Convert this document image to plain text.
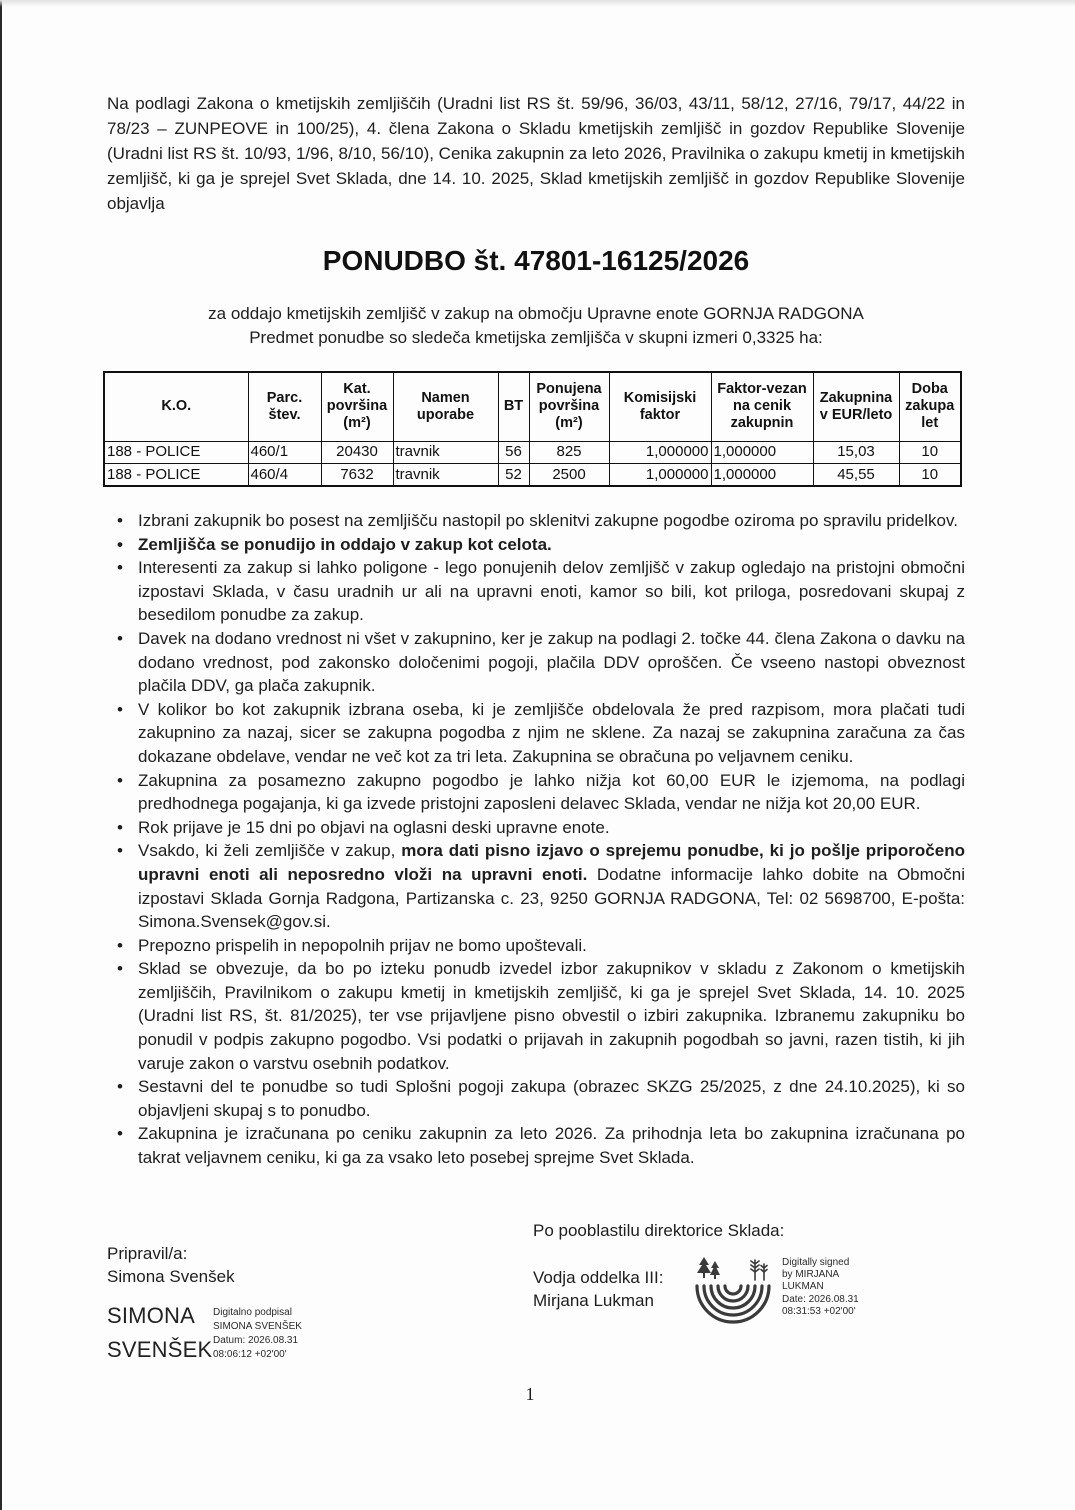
Na podlagi Zakona o kmetijskih zemljiščih (Uradni list RS št. 59/96, 36/03, 43/11, 58/12, 27/16, 79/17, 44/22 in 78/23 – ZUNPEOVE in 100/25), 4. člena Zakona o Skladu kmetijskih zemljišč in gozdov Republike Slovenije (Uradni list RS št. 10/93, 1/96, 8/10, 56/10), Cenika zakupnin za leto 2026, Pravilnika o zakupu kmetij in kmetijskih zemljišč, ki ga je sprejel Svet Sklada, dne 14. 10. 2025, Sklad kmetijskih zemljišč in gozdov Republike Slovenije objavlja

PONUDBO št. 47801-16125/2026
za oddajo kmetijskih zemljišč v zakup na območju Upravne enote GORNJA RADGONA
Predmet ponudbe so sledeča kmetijska zemljišča v skupni izmeri 0,3325 ha:
K.O.	Parc. štev.	Kat. površina (m²)	Namen uporabe	BT	Ponujena površina (m²)	Komisijski faktor	Faktor-vezan na cenik zakupnin	Zakupnina v EUR/leto	Doba zakupa let
188 - POLICE	460/1	20430	travnik	56	825	1,000000	1,000000	15,03	10
188 - POLICE	460/4	7632	travnik	52	2500	1,000000	1,000000	45,55	10
• Izbrani zakupnik bo posest na zemljišču nastopil po sklenitvi zakupne pogodbe oziroma po spravilu pridelkov.
• Zemljišča se ponudijo in oddajo v zakup kot celota.
• Interesenti za zakup si lahko poligone - lego ponujenih delov zemljišč v zakup ogledajo na pristojni območni izpostavi Sklada, v času uradnih ur ali na upravni enoti, kamor so bili, kot priloga, posredovani skupaj z besedilom ponudbe za zakup.
• Davek na dodano vrednost ni všet v zakupnino, ker je zakup na podlagi 2. točke 44. člena Zakona o davku na dodano vrednost, pod zakonsko določenimi pogoji, plačila DDV oproščen. Če vseeno nastopi obveznost plačila DDV, ga plača zakupnik.
• V kolikor bo kot zakupnik izbrana oseba, ki je zemljišče obdelovala že pred razpisom, mora plačati tudi zakupnino za nazaj, sicer se zakupna pogodba z njim ne sklene. Za nazaj se zakupnina zaračuna za čas dokazane obdelave, vendar ne več kot za tri leta. Zakupnina se obračuna po veljavnem ceniku.
• Zakupnina za posamezno zakupno pogodbo je lahko nižja kot 60,00 EUR le izjemoma, na podlagi predhodnega pogajanja, ki ga izvede pristojni zaposleni delavec Sklada, vendar ne nižja kot 20,00 EUR.
• Rok prijave je 15 dni po objavi na oglasni deski upravne enote.
• Vsakdo, ki želi zemljišče v zakup, mora dati pisno izjavo o sprejemu ponudbe, ki jo pošlje priporočeno upravni enoti ali neposredno vloži na upravni enoti. Dodatne informacije lahko dobite na Območni izpostavi Sklada Gornja Radgona, Partizanska c. 23, 9250 GORNJA RADGONA, Tel: 02 5698700, E-pošta: Simona.Svensek@gov.si.
• Prepozno prispelih in nepopolnih prijav ne bomo upoštevali.
• Sklad se obvezuje, da bo po izteku ponudb izvedel izbor zakupnikov v skladu z Zakonom o kmetijskih zemljiščih, Pravilnikom o zakupu kmetij in kmetijskih zemljišč, ki ga je sprejel Svet Sklada, 14. 10. 2025 (Uradni list RS, št. 81/2025), ter vse prijavljene pisno obvestil o izbiri zakupnika. Izbranemu zakupniku bo ponudil v podpis zakupno pogodbo. Vsi podatki o prijavah in zakupnih pogodbah so javni, razen tistih, ki jih varuje zakon o varstvu osebnih podatkov.
• Sestavni del te ponudbe so tudi Splošni pogoji zakupa (obrazec SKZG 25/2025, z dne 24.10.2025), ki so objavljeni skupaj s to ponudbo.
• Zakupnina je izračunana po ceniku zakupnin za leto 2026. Za prihodnja leta bo zakupnina izračunana po takrat veljavnem ceniku, ki ga za vsako leto posebej sprejme Svet Sklada.
Po pooblastilu direktorice Sklada:
Pripravil/a:
Simona Svenšek	Vodja oddelka III:
Mirjana Lukman
Digitally signed
by MIRJANA
LUKMAN
Date: 2026.08.31
08:31:53 +02'00'
SIMONA
SVENŠEK
Digitalno podpisal
SIMONA SVENŠEK
Datum: 2026.08.31
08:06:12 +02'00'
1
